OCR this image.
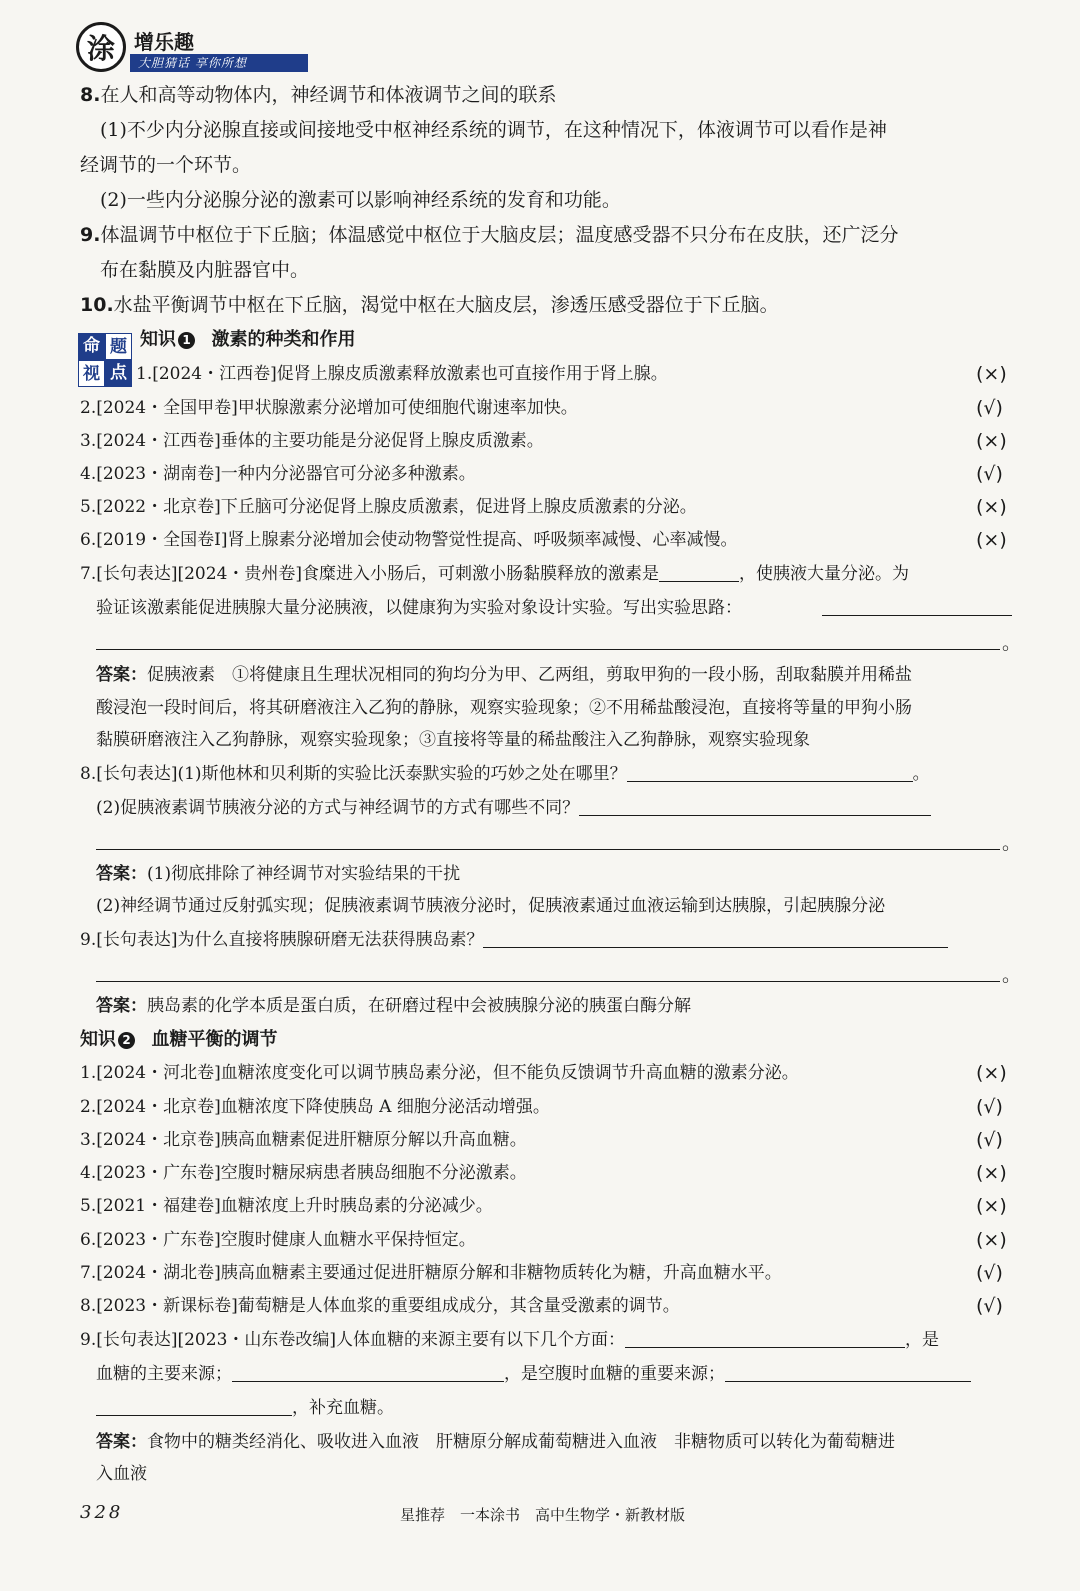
涂 增乐趣
大胆猜话 享你所想
8.在人和高等动物体内，神经调节和体液调节之间的联系
(1)不少内分泌腺直接或间接地受中枢神经系统的调节，在这种情况下，体液调节可以看作是神
经调节的一个环节。
(2)一些内分泌腺分泌的激素可以影响神经系统的发育和功能。
9.体温调节中枢位于下丘脑；体温感觉中枢位于大脑皮层；温度感受器不只分布在皮肤，还广泛分
布在黏膜及内脏器官中。
10.水盐平衡调节中枢在下丘脑，渴觉中枢在大脑皮层，渗透压感受器位于下丘脑。
命 题
视 点
知识 1 激素的种类和作用
1.[2024・江西卷]促肾上腺皮质激素释放激素也可直接作用于肾上腺。	(×)
2.[2024・全国甲卷]甲状腺激素分泌增加可使细胞代谢速率加快。	(√)
3.[2024・江西卷]垂体的主要功能是分泌促肾上腺皮质激素。	(×)
4.[2023・湖南卷]一种内分泌器官可分泌多种激素。	(√)
5.[2022・北京卷]下丘脑可分泌促肾上腺皮质激素，促进肾上腺皮质激素的分泌。	(×)
6.[2019・全国卷Ⅰ]肾上腺素分泌增加会使动物警觉性提高、呼吸频率减慢、心率减慢。	(×)
7.[长句表达][2024・贵州卷]食糜进入小肠后，可刺激小肠黏膜释放的激素是	，使胰液大量分泌。为
验证该激素能促进胰腺大量分泌胰液，以健康狗为实验对象设计实验。写出实验思路：
。
答案：促胰液素　①将健康且生理状况相同的狗均分为甲、乙两组，剪取甲狗的一段小肠，刮取黏膜并用稀盐
酸浸泡一段时间后，将其研磨液注入乙狗的静脉，观察实验现象；②不用稀盐酸浸泡，直接将等量的甲狗小肠
黏膜研磨液注入乙狗静脉，观察实验现象；③直接将等量的稀盐酸注入乙狗静脉，观察实验现象
8.[长句表达](1)斯他林和贝利斯的实验比沃泰默实验的巧妙之处在哪里？	。
(2)促胰液素调节胰液分泌的方式与神经调节的方式有哪些不同？
。
答案：(1)彻底排除了神经调节对实验结果的干扰
(2)神经调节通过反射弧实现；促胰液素调节胰液分泌时，促胰液素通过血液运输到达胰腺，引起胰腺分泌
9.[长句表达]为什么直接将胰腺研磨无法获得胰岛素？
。
答案：胰岛素的化学本质是蛋白质，在研磨过程中会被胰腺分泌的胰蛋白酶分解
知识 2 血糖平衡的调节
1.[2024・河北卷]血糖浓度变化可以调节胰岛素分泌，但不能负反馈调节升高血糖的激素分泌。	(×)
2.[2024・北京卷]血糖浓度下降使胰岛 A 细胞分泌活动增强。	(√)
3.[2024・北京卷]胰高血糖素促进肝糖原分解以升高血糖。	(√)
4.[2023・广东卷]空腹时糖尿病患者胰岛细胞不分泌激素。	(×)
5.[2021・福建卷]血糖浓度上升时胰岛素的分泌减少。	(×)
6.[2023・广东卷]空腹时健康人血糖水平保持恒定。	(×)
7.[2024・湖北卷]胰高血糖素主要通过促进肝糖原分解和非糖物质转化为糖，升高血糖水平。	(√)
8.[2023・新课标卷]葡萄糖是人体血浆的重要组成成分，其含量受激素的调节。	(√)
9.[长句表达][2023・山东卷改编]人体血糖的来源主要有以下几个方面：	，是
血糖的主要来源；	，是空腹时血糖的重要来源；
，补充血糖。
答案：食物中的糖类经消化、吸收进入血液　肝糖原分解成葡萄糖进入血液　非糖物质可以转化为葡萄糖进
入血液
328	星推荐　一本涂书　高中生物学・新教材版
